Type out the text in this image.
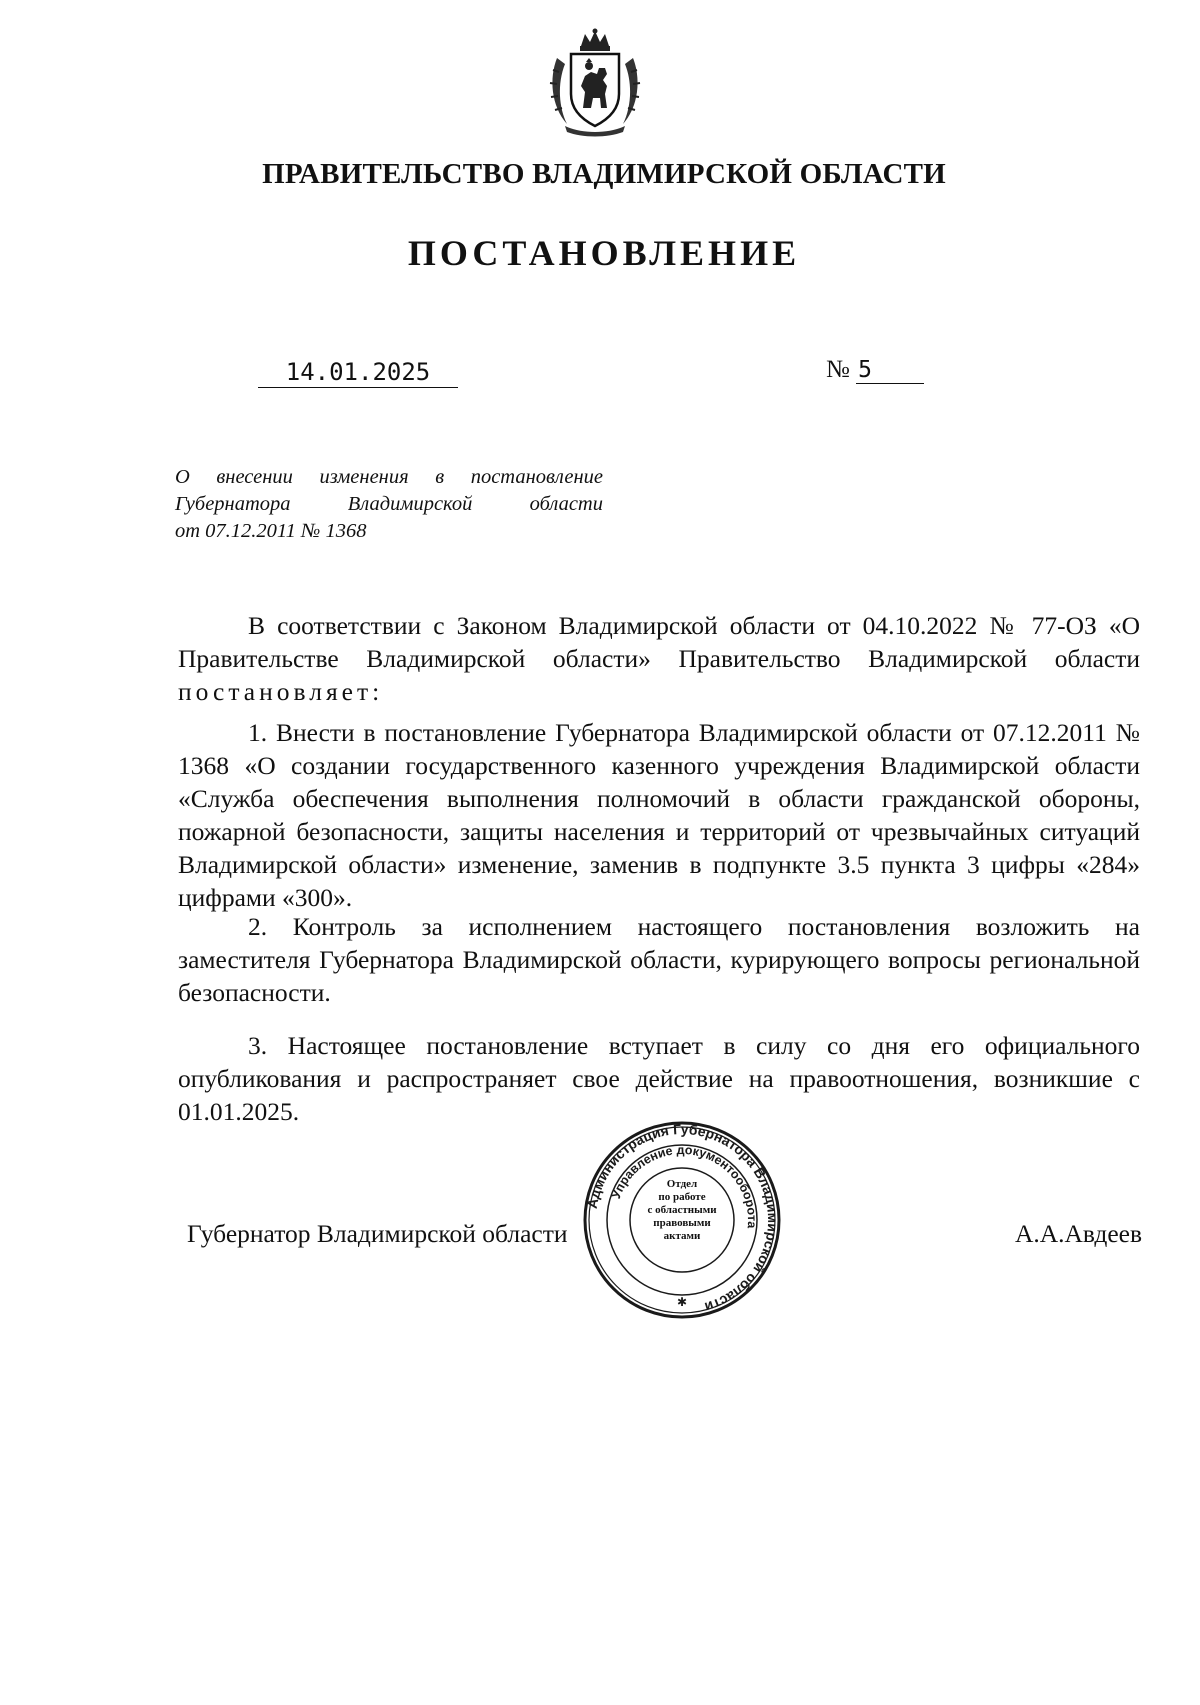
ПРАВИТЕЛЬСТВО ВЛАДИМИРСКОЙ ОБЛАСТИ
ПОСТАНОВЛЕНИЕ
14.01.2025	№ 5
О внесении изменения в постановление
Губернатора Владимирской области
от 07.12.2011 № 1368
В соответствии с Законом Владимирской области от 04.10.2022 № 77-ОЗ «О Правительстве Владимирской области» Правительство Владимирской области постановляет:
1. Внести в постановление Губернатора Владимирской области от 07.12.2011 № 1368 «О создании государственного казенного учреждения Владимирской области «Служба обеспечения выполнения полномочий в области гражданской обороны, пожарной безопасности, защиты населения и территорий от чрезвычайных ситуаций Владимирской области» изменение, заменив в подпункте 3.5 пункта 3 цифры «284» цифрами «300».
2. Контроль за исполнением настоящего постановления возложить на заместителя Губернатора Владимирской области, курирующего вопросы региональной безопасности.
3. Настоящее постановление вступает в силу со дня его официального опубликования и распространяет свое действие на правоотношения, возникшие с 01.01.2025.
Губернатор Владимирской области	А.А.Авдеев
Администрация Губернатора Владимирской области
Управление документооборота
✱
Отдел
по работе
с областными
правовыми
актами
